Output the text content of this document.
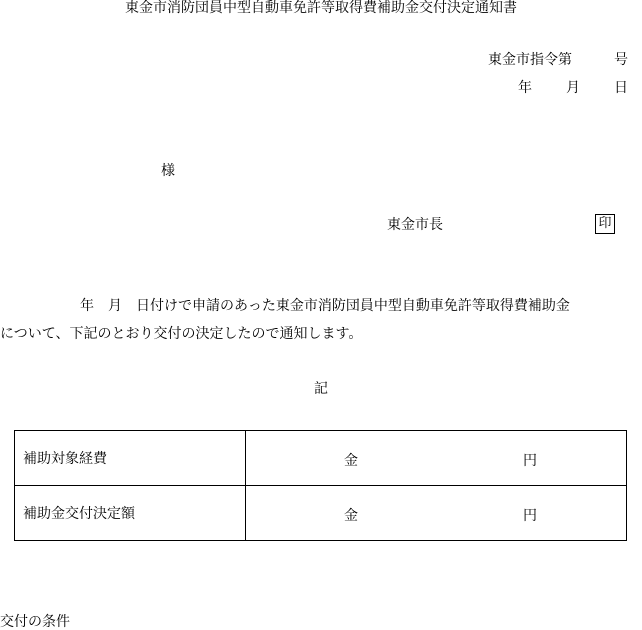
東金市消防団員中型自動車免許等取得費補助金交付決定通知書
東金市指令第　　　号
年 月 日
様
東金市長	印
年　月　日付けで申請のあった東金市消防団員中型自動車免許等取得費補助金
について、下記のとおり交付の決定したので通知します。
記
補助対象経費	金 円

補助金交付決定額	金 円
交付の条件
